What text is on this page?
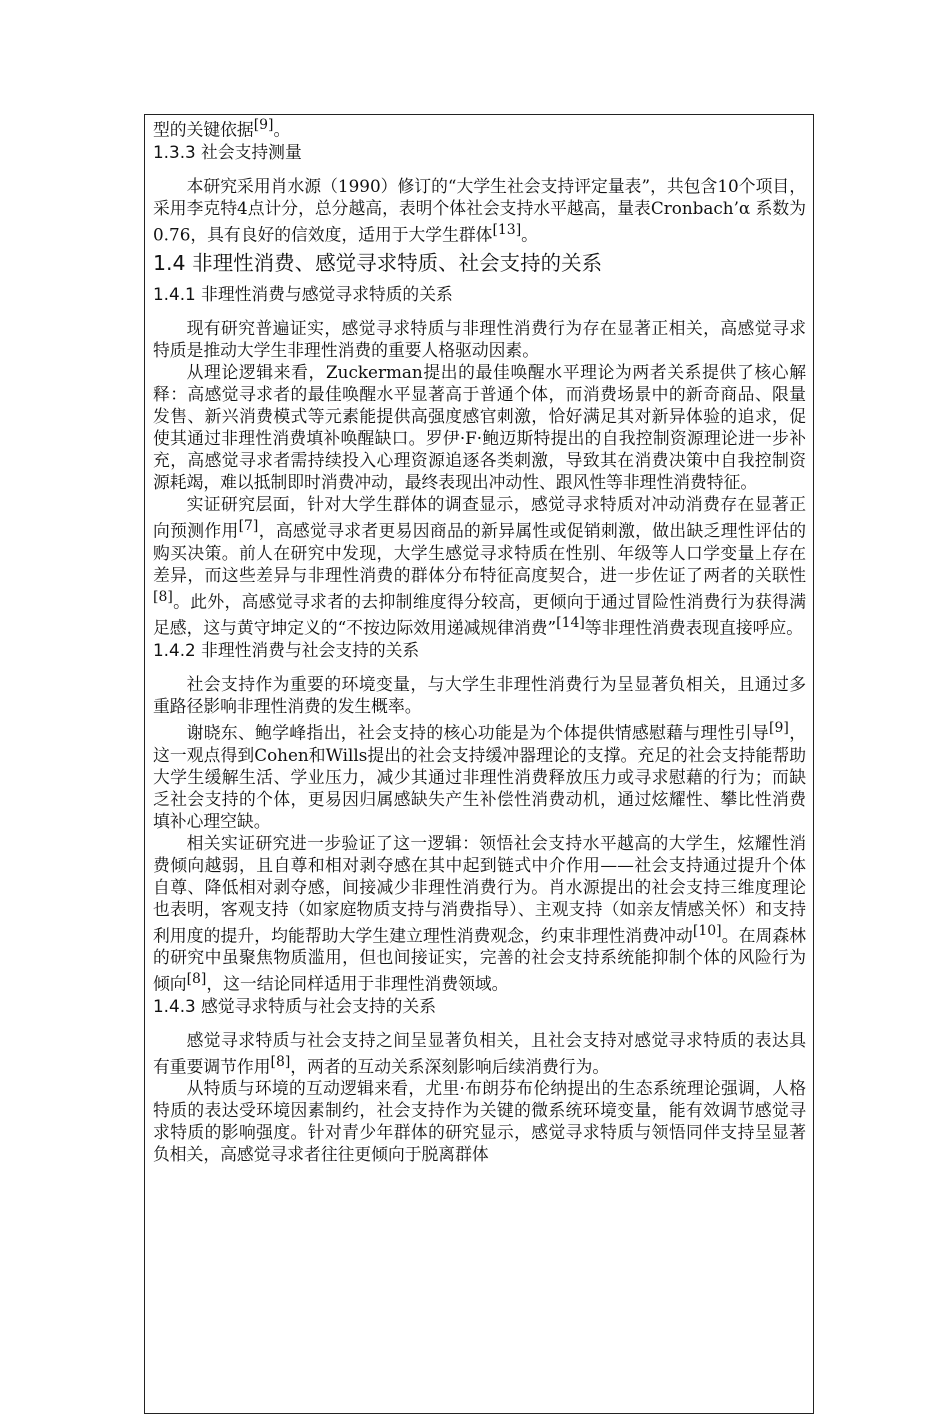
型的关键依据[9]。

1.3.3 社会支持测量

本研究采用肖水源（1990）修订的“大学生社会支持评定量表”，共包含10个项目，采用李克特4点计分，总分越高，表明个体社会支持水平越高，量表Cronbach’α 系数为0.76，具有良好的信效度，适用于大学生群体[13]。

1.4 非理性消费、感觉寻求特质、社会支持的关系
1.4.1 非理性消费与感觉寻求特质的关系

现有研究普遍证实，感觉寻求特质与非理性消费行为存在显著正相关，高感觉寻求特质是推动大学生非理性消费的重要人格驱动因素。

从理论逻辑来看，Zuckerman提出的最佳唤醒水平理论为两者关系提供了核心解释：高感觉寻求者的最佳唤醒水平显著高于普通个体，而消费场景中的新奇商品、限量发售、新兴消费模式等元素能提供高强度感官刺激，恰好满足其对新异体验的追求，促使其通过非理性消费填补唤醒缺口。罗伊·F·鲍迈斯特提出的自我控制资源理论进一步补充，高感觉寻求者需持续投入心理资源追逐各类刺激，导致其在消费决策中自我控制资源耗竭，难以抵制即时消费冲动，最终表现出冲动性、跟风性等非理性消费特征。

实证研究层面，针对大学生群体的调查显示，感觉寻求特质对冲动消费存在显著正向预测作用[7]，高感觉寻求者更易因商品的新异属性或促销刺激，做出缺乏理性评估的购买决策。前人在研究中发现，大学生感觉寻求特质在性别、年级等人口学变量上存在差异，而这些差异与非理性消费的群体分布特征高度契合，进一步佐证了两者的关联性[8]。此外，高感觉寻求者的去抑制维度得分较高，更倾向于通过冒险性消费行为获得满足感，这与黄守坤定义的“不按边际效用递减规律消费”[14]等非理性消费表现直接呼应。

1.4.2 非理性消费与社会支持的关系

社会支持作为重要的环境变量，与大学生非理性消费行为呈显著负相关，且通过多重路径影响非理性消费的发生概率。

谢晓东、鲍学峰指出，社会支持的核心功能是为个体提供情感慰藉与理性引导[9]，这一观点得到Cohen和Wills提出的社会支持缓冲器理论的支撑。充足的社会支持能帮助大学生缓解生活、学业压力，减少其通过非理性消费释放压力或寻求慰藉的行为；而缺乏社会支持的个体，更易因归属感缺失产生补偿性消费动机，通过炫耀性、攀比性消费填补心理空缺。

相关实证研究进一步验证了这一逻辑：领悟社会支持水平越高的大学生，炫耀性消费倾向越弱，且自尊和相对剥夺感在其中起到链式中介作用——社会支持通过提升个体自尊、降低相对剥夺感，间接减少非理性消费行为。肖水源提出的社会支持三维度理论也表明，客观支持（如家庭物质支持与消费指导）、主观支持（如亲友情感关怀）和支持利用度的提升，均能帮助大学生建立理性消费观念，约束非理性消费冲动[10]。在周森林的研究中虽聚焦物质滥用，但也间接证实，完善的社会支持系统能抑制个体的风险行为倾向[8]，这一结论同样适用于非理性消费领域。

1.4.3 感觉寻求特质与社会支持的关系

感觉寻求特质与社会支持之间呈显著负相关，且社会支持对感觉寻求特质的表达具有重要调节作用[8]，两者的互动关系深刻影响后续消费行为。

从特质与环境的互动逻辑来看，尤里·布朗芬布伦纳提出的生态系统理论强调，人格特质的表达受环境因素制约，社会支持作为关键的微系统环境变量，能有效调节感觉寻求特质的影响强度。针对青少年群体的研究显示，感觉寻求特质与领悟同伴支持呈显著负相关，高感觉寻求者往往更倾向于脱离群体
